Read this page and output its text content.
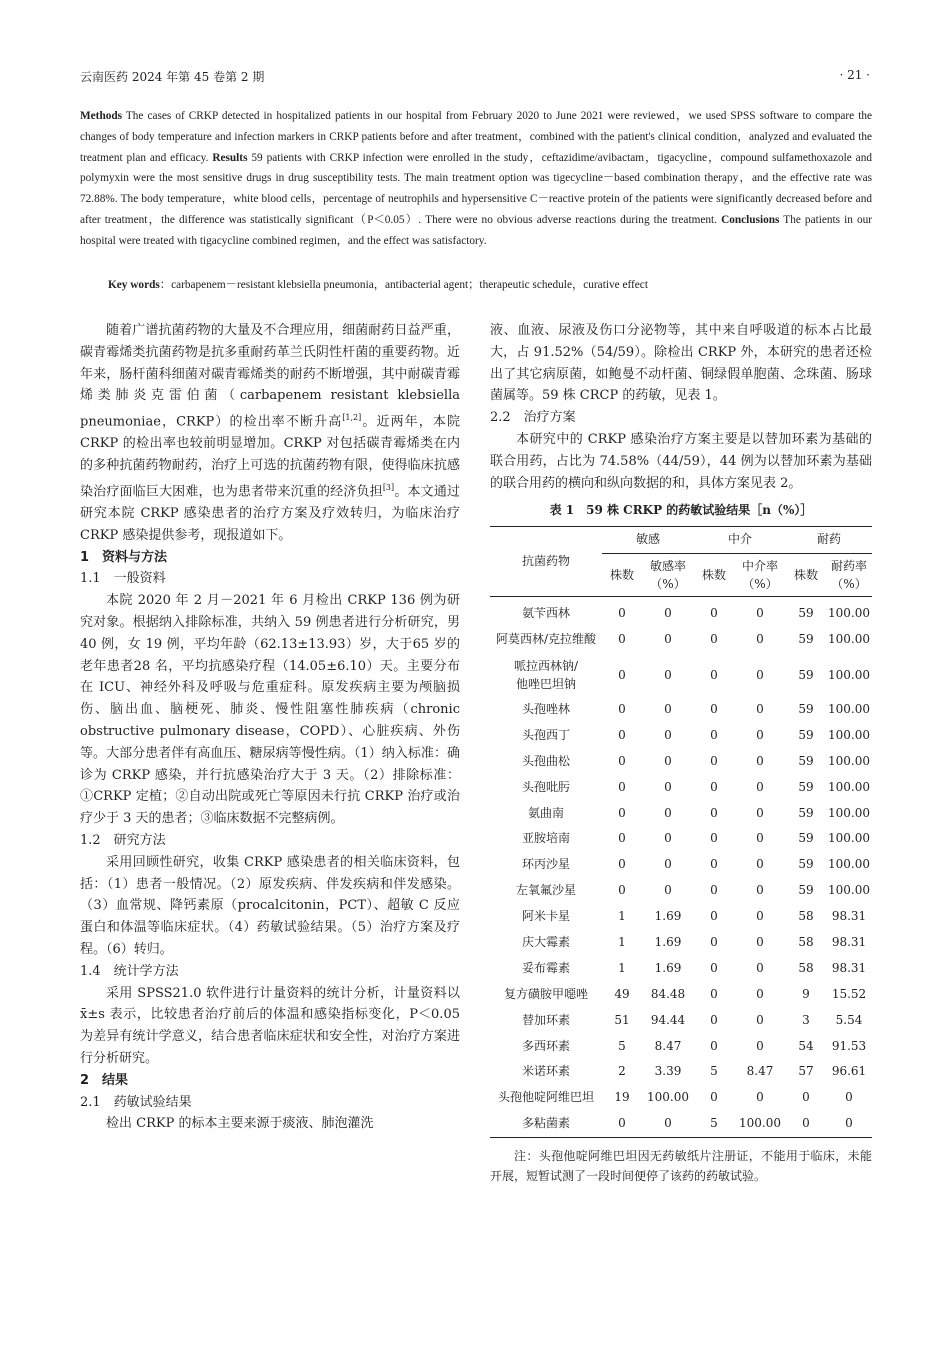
云南医药 2024 年第 45 卷第 2 期	· 21 ·
Methods The cases of CRKP detected in hospitalized patients in our hospital from February 2020 to June 2021 were reviewed，we used SPSS software to compare the changes of body temperature and infection markers in CRKP patients before and after treatment，combined with the patient's clinical condition，analyzed and evaluated the treatment plan and efficacy. Results 59 patients with CRKP infection were enrolled in the study，ceftazidime/avibactam，tigacycline，compound sulfamethoxazole and polymyxin were the most sensitive drugs in drug susceptibility tests. The main treatment option was tigecycline－based combination therapy，and the effective rate was 72.88%. The body temperature，white blood cells，percentage of neutrophils and hypersensitive C－reactive protein of the patients were significantly decreased before and after treatment，the difference was statistically significant（P＜0.05）. There were no obvious adverse reactions during the treatment. Conclusions The patients in our hospital were treated with tigacycline combined regimen，and the effect was satisfactory.
Key words：carbapenem－resistant klebsiella pneumonia，antibacterial agent；therapeutic schedule，curative effect

随着广谱抗菌药物的大量及不合理应用，细菌耐药日益严重，碳青霉烯类抗菌药物是抗多重耐药革兰氏阴性杆菌的重要药物。近年来，肠杆菌科细菌对碳青霉烯类的耐药不断增强，其中耐碳青霉烯类肺炎克雷伯菌（carbapenem resistant klebsiella pneumoniae，CRKP）的检出率不断升高[1,2]。近两年，本院 CRKP 的检出率也较前明显增加。CRKP 对包括碳青霉烯类在内的多种抗菌药物耐药，治疗上可选的抗菌药物有限，使得临床抗感染治疗面临巨大困难，也为患者带来沉重的经济负担[3]。本文通过研究本院 CRKP 感染患者的治疗方案及疗效转归，为临床治疗 CRKP 感染提供参考，现报道如下。

1　资料与方法

1.1　一般资料

本院 2020 年 2 月－2021 年 6 月检出 CRKP 136 例为研究对象。根据纳入排除标准，共纳入 59 例患者进行分析研究，男 40 例，女 19 例，平均年龄（62.13±13.93）岁，大于65 岁的老年患者28 名，平均抗感染疗程（14.05±6.10）天。主要分布在 ICU、神经外科及呼吸与危重症科。原发疾病主要为颅脑损伤、脑出血、脑梗死、肺炎、慢性阻塞性肺疾病（chronic obstructive pulmonary disease，COPD）、心脏疾病、外伤等。大部分患者伴有高血压、糖尿病等慢性病。（1）纳入标准：确诊为 CRKP 感染，并行抗感染治疗大于 3 天。（2）排除标准：①CRKP 定植；②自动出院或死亡等原因未行抗 CRKP 治疗或治疗少于 3 天的患者；③临床数据不完整病例。

1.2　研究方法

采用回顾性研究，收集 CRKP 感染患者的相关临床资料，包括：（1）患者一般情况。（2）原发疾病、伴发疾病和伴发感染。（3）血常规、降钙素原（procalcitonin，PCT）、超敏 C 反应蛋白和体温等临床症状。（4）药敏试验结果。（5）治疗方案及疗程。（6）转归。

1.4　统计学方法

采用 SPSS21.0 软件进行计量资料的统计分析，计量资料以 x̄±s 表示，比较患者治疗前后的体温和感染指标变化，P＜0.05 为差异有统计学意义，结合患者临床症状和安全性，对治疗方案进行分析研究。

2　结果

2.1　药敏试验结果

检出 CRKP 的标本主要来源于痰液、肺泡灌洗

液、血液、尿液及伤口分泌物等，其中来自呼吸道的标本占比最大，占 91.52%（54/59）。除检出 CRKP 外，本研究的患者还检出了其它病原菌，如鲍曼不动杆菌、铜绿假单胞菌、念珠菌、肠球菌属等。59 株 CRCP 的药敏，见表 1。

2.2　治疗方案

本研究中的 CRKP 感染治疗方案主要是以替加环素为基础的联合用药，占比为 74.58%（44/59），44 例为以替加环素为基础的联合用药的横向和纵向数据的和，具体方案见表 2。

表 1　59 株 CRKP 的药敏试验结果［n（%）］
抗菌药物	敏感		中介		耐药	
	株数	敏感率
（%）	株数	中介率
（%）	株数	耐药率
（%）
氨苄西林	0	0	0	0	59	100.00
阿莫西林/克拉维酸	0	0	0	0	59	100.00
哌拉西林钠/
他唑巴坦钠	0	0	0	0	59	100.00
头孢唑林	0	0	0	0	59	100.00
头孢西丁	0	0	0	0	59	100.00
头孢曲松	0	0	0	0	59	100.00
头孢吡肟	0	0	0	0	59	100.00
氨曲南	0	0	0	0	59	100.00
亚胺培南	0	0	0	0	59	100.00
环丙沙星	0	0	0	0	59	100.00
左氧氟沙星	0	0	0	0	59	100.00
阿米卡星	1	1.69	0	0	58	98.31
庆大霉素	1	1.69	0	0	58	98.31
妥布霉素	1	1.69	0	0	58	98.31
复方磺胺甲噁唑	49	84.48	0	0	9	15.52
替加环素	51	94.44	0	0	3	5.54
多西环素	5	8.47	0	0	54	91.53
米诺环素	2	3.39	5	8.47	57	96.61
头孢他啶阿维巴坦	19	100.00	0	0	0	0
多粘菌素	0	0	5	100.00	0	0
注：头孢他啶阿维巴坦因无药敏纸片注册证，不能用于临床，未能开展，短暂试测了一段时间便停了该药的药敏试验。
